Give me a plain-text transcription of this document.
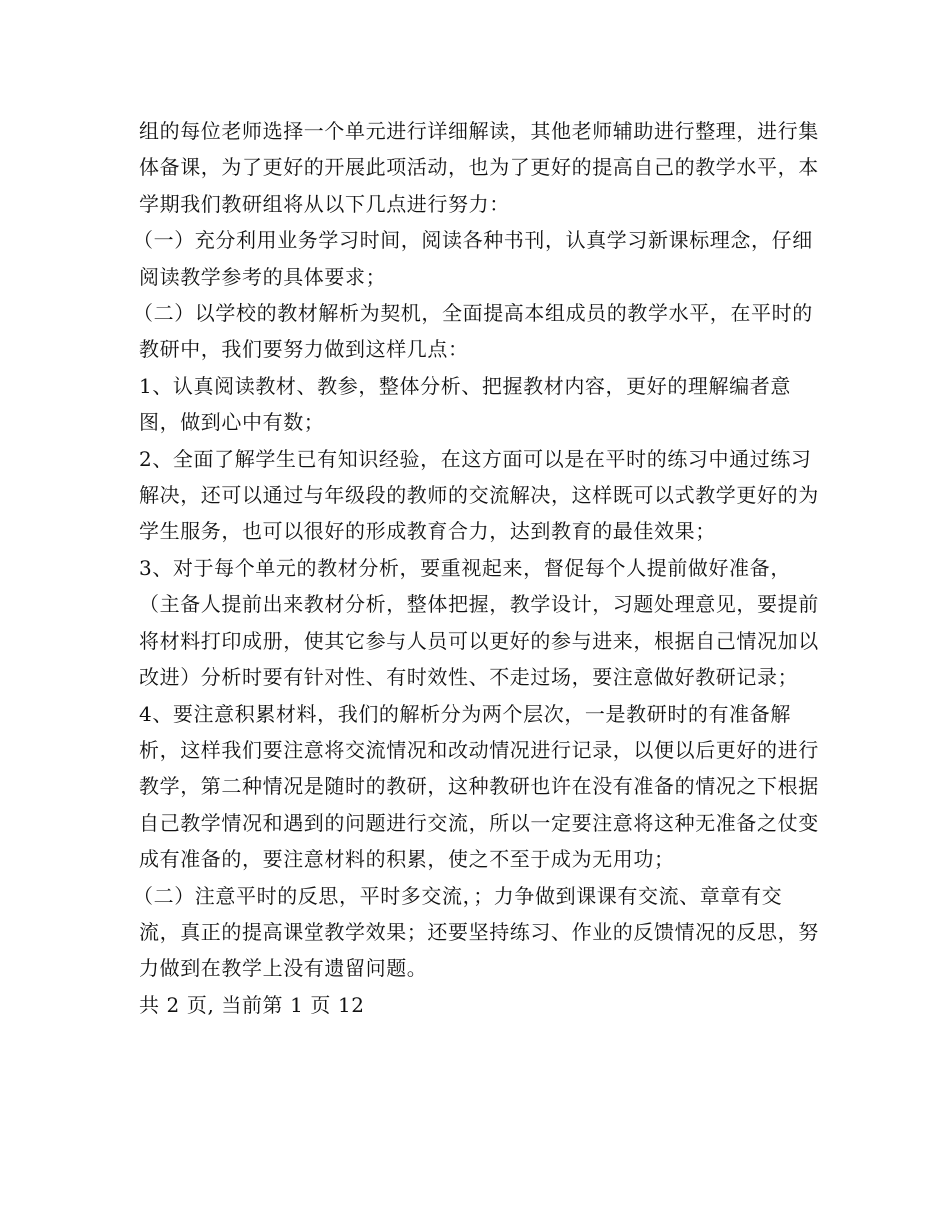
组的每位老师选择一个单元进行详细解读，其他老师辅助进行整理，进行集体备课，为了更好的开展此项活动，也为了更好的提高自己的教学水平，本学期我们教研组将从以下几点进行努力：

（一）充分利用业务学习时间，阅读各种书刊，认真学习新课标理念，仔细阅读教学参考的具体要求；

（二）以学校的教材解析为契机，全面提高本组成员的教学水平，在平时的教研中，我们要努力做到这样几点：

1、认真阅读教材、教参，整体分析、把握教材内容，更好的理解编者意图，做到心中有数；

2、全面了解学生已有知识经验，在这方面可以是在平时的练习中通过练习解决，还可以通过与年级段的教师的交流解决，这样既可以式教学更好的为学生服务，也可以很好的形成教育合力，达到教育的最佳效果；

3、对于每个单元的教材分析，要重视起来，督促每个人提前做好准备，（主备人提前出来教材分析，整体把握，教学设计，习题处理意见，要提前将材料打印成册，使其它参与人员可以更好的参与进来，根据自己情况加以改进）分析时要有针对性、有时效性、不走过场，要注意做好教研记录；

4、要注意积累材料，我们的解析分为两个层次，一是教研时的有准备解析，这样我们要注意将交流情况和改动情况进行记录，以便以后更好的进行教学，第二种情况是随时的教研，这种教研也许在没有准备的情况之下根据自己教学情况和遇到的问题进行交流，所以一定要注意将这种无准备之仗变成有准备的，要注意材料的积累，使之不至于成为无用功；

（二）注意平时的反思，平时多交流，；力争做到课课有交流、章章有交流，真正的提高课堂教学效果；还要坚持练习、作业的反馈情况的反思，努力做到在教学上没有遗留问题。

共 2 页, 当前第 1 页 12
